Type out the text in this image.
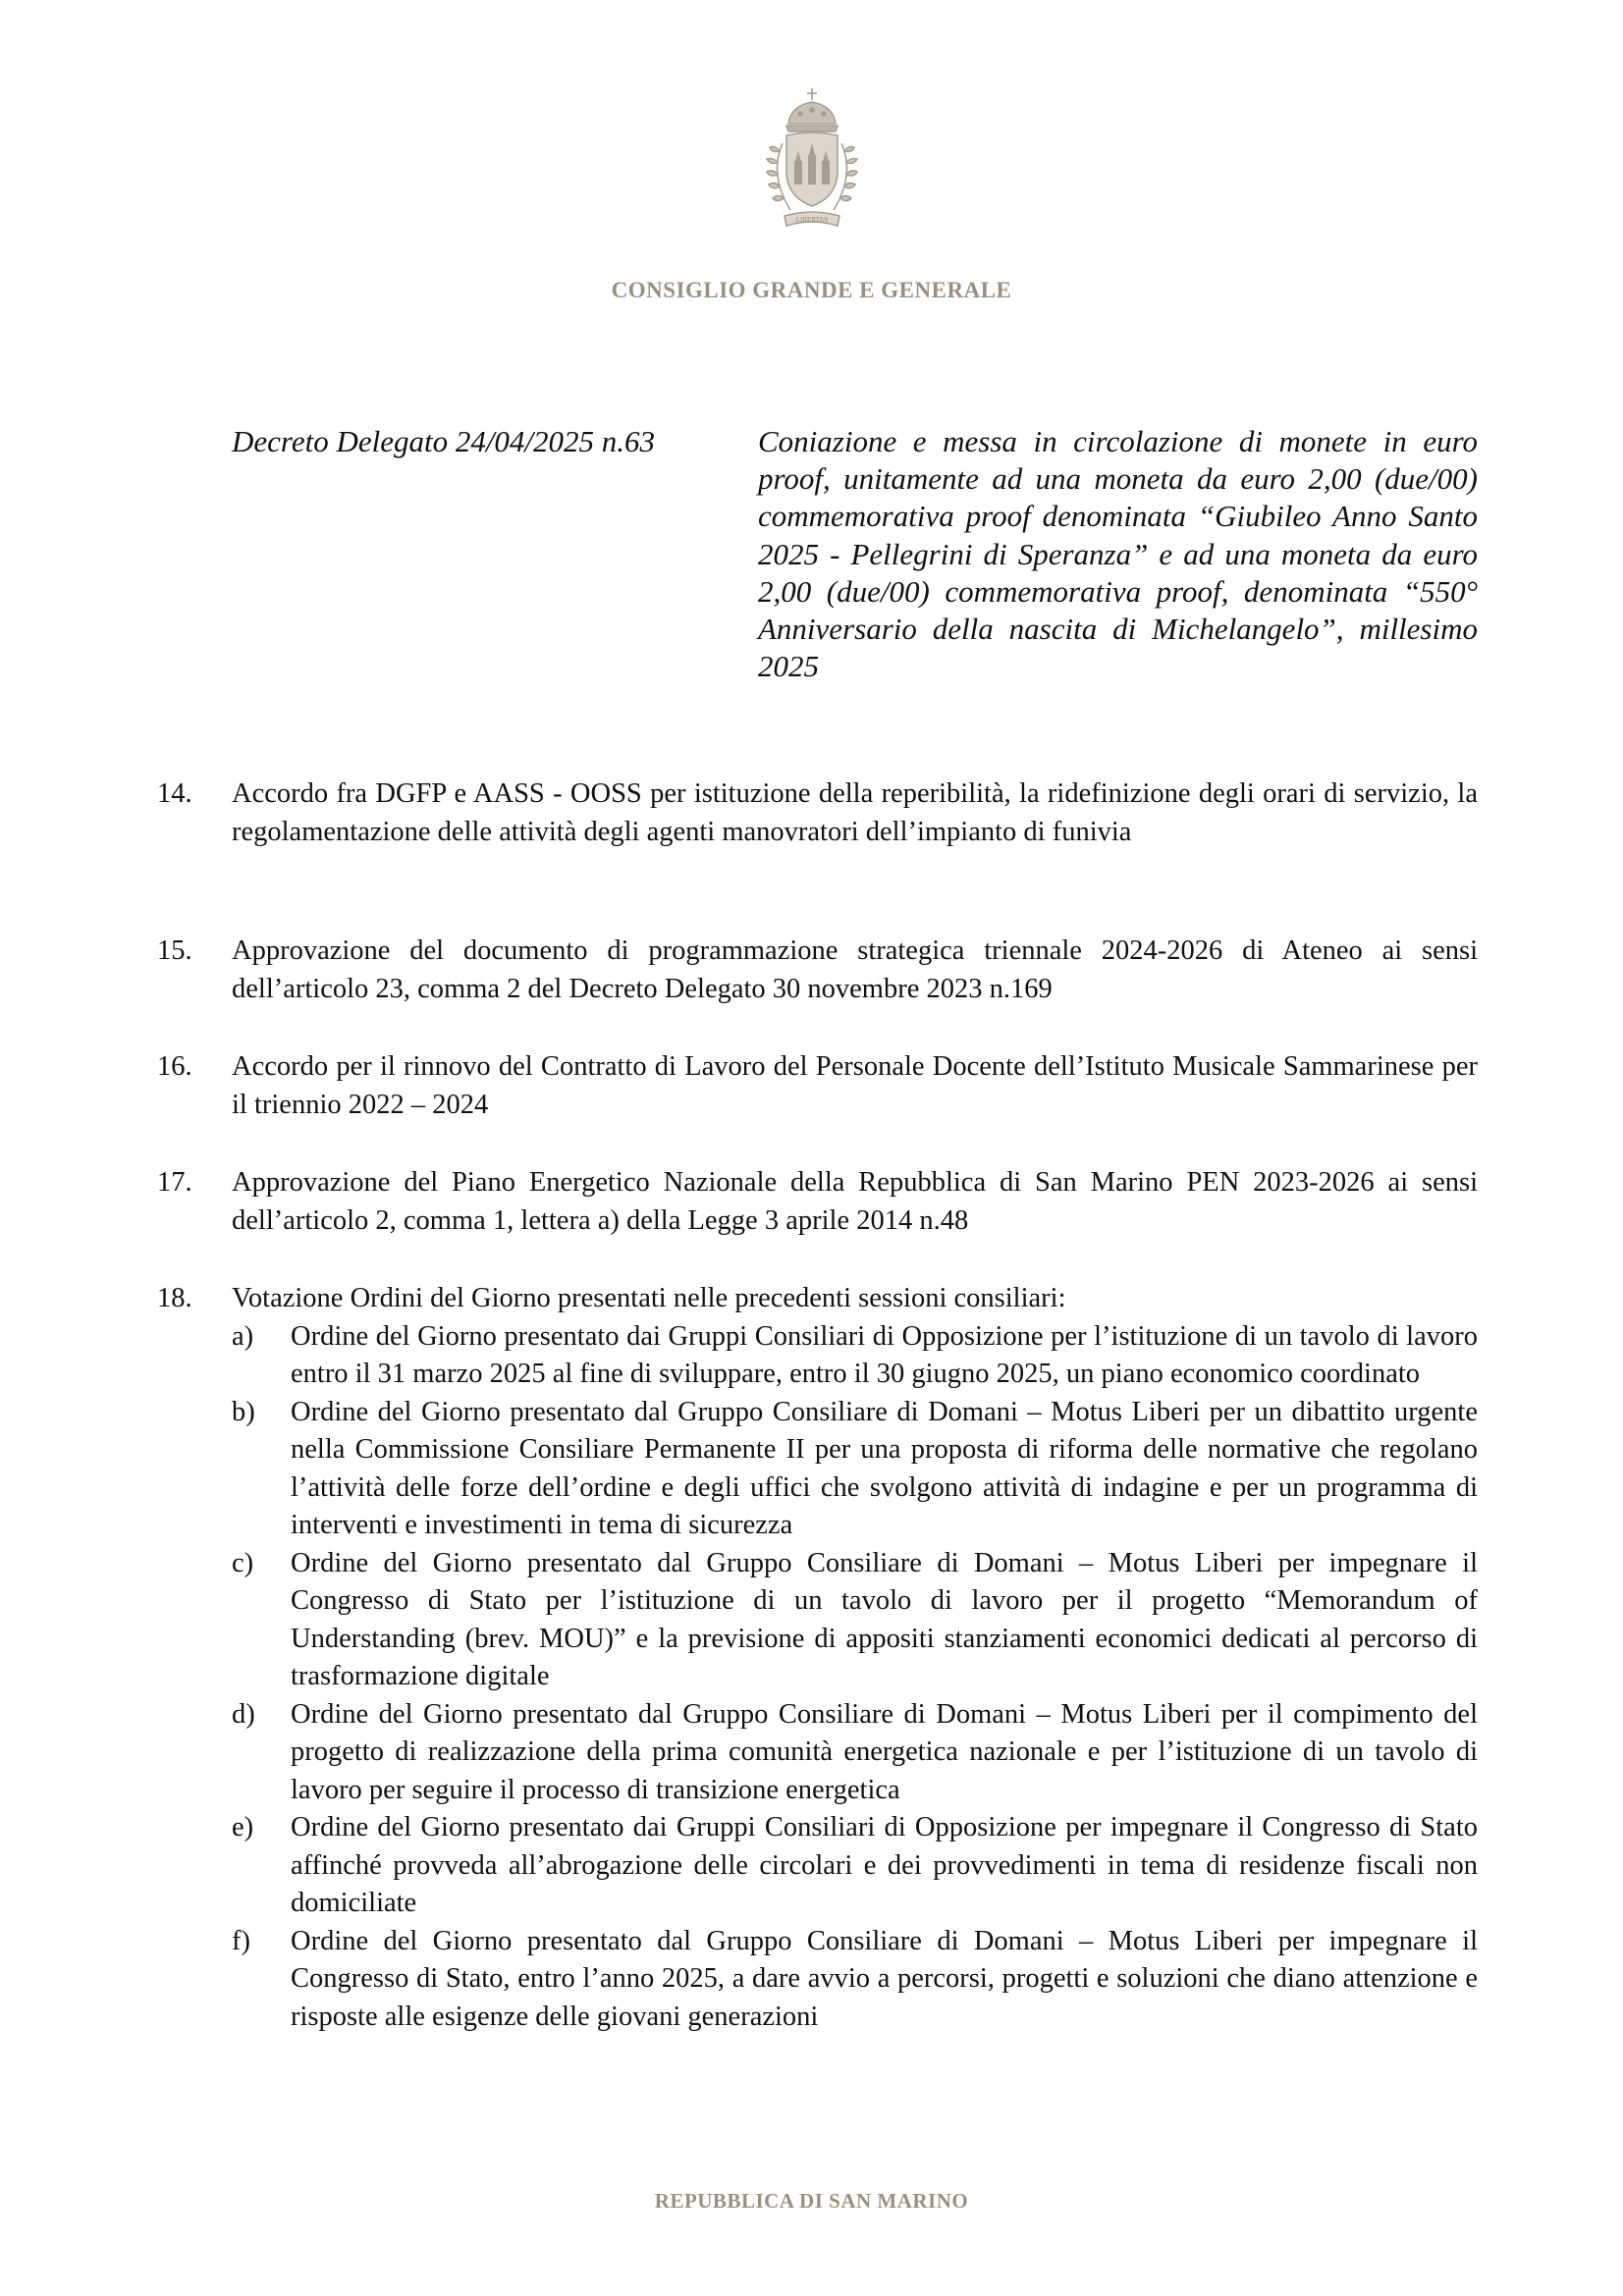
LIBERTAS
CONSIGLIO GRANDE E GENERALE
Decreto Delegato 24/04/2025 n.63	Coniazione e messa in circolazione di monete in euro proof, unitamente ad una moneta da euro 2,00 (due/00) commemorativa proof denominata “Giubileo Anno Santo 2025 - Pellegrini di Speranza” e ad una moneta da euro 2,00 (due/00) commemorativa proof, denominata “550° Anniversario della nascita di Michelangelo”, millesimo 2025
14. Accordo fra DGFP e AASS - OOSS per istituzione della reperibilità, la ridefinizione degli orari di servizio, la regolamentazione delle attività degli agenti manovratori dell’impianto di funivia
15. Approvazione del documento di programmazione strategica triennale 2024-2026 di Ateneo ai sensi dell’articolo 23, comma 2 del Decreto Delegato 30 novembre 2023 n.169
16. Accordo per il rinnovo del Contratto di Lavoro del Personale Docente dell’Istituto Musicale Sammarinese per il triennio 2022 – 2024
17. Approvazione del Piano Energetico Nazionale della Repubblica di San Marino PEN 2023-2026 ai sensi dell’articolo 2, comma 1, lettera a) della Legge 3 aprile 2014 n.48
18. Votazione Ordini del Giorno presentati nelle precedenti sessioni consiliari:
a) Ordine del Giorno presentato dai Gruppi Consiliari di Opposizione per l’istituzione di un tavolo di lavoro entro il 31 marzo 2025 al fine di sviluppare, entro il 30 giugno 2025, un piano economico coordinato
b) Ordine del Giorno presentato dal Gruppo Consiliare di Domani – Motus Liberi per un dibattito urgente nella Commissione Consiliare Permanente II per una proposta di riforma delle normative che regolano l’attività delle forze dell’ordine e degli uffici che svolgono attività di indagine e per un programma di interventi e investimenti in tema di sicurezza
c) Ordine del Giorno presentato dal Gruppo Consiliare di Domani – Motus Liberi per impegnare il Congresso di Stato per l’istituzione di un tavolo di lavoro per il progetto “Memorandum of Understanding (brev. MOU)” e la previsione di appositi stanziamenti economici dedicati al percorso di trasformazione digitale
d) Ordine del Giorno presentato dal Gruppo Consiliare di Domani – Motus Liberi per il compimento del progetto di realizzazione della prima comunità energetica nazionale e per l’istituzione di un tavolo di lavoro per seguire il processo di transizione energetica
e) Ordine del Giorno presentato dai Gruppi Consiliari di Opposizione per impegnare il Congresso di Stato affinché provveda all’abrogazione delle circolari e dei provvedimenti in tema di residenze fiscali non domiciliate
f) Ordine del Giorno presentato dal Gruppo Consiliare di Domani – Motus Liberi per impegnare il Congresso di Stato, entro l’anno 2025, a dare avvio a percorsi, progetti e soluzioni che diano attenzione e risposte alle esigenze delle giovani generazioni
REPUBBLICA DI SAN MARINO
